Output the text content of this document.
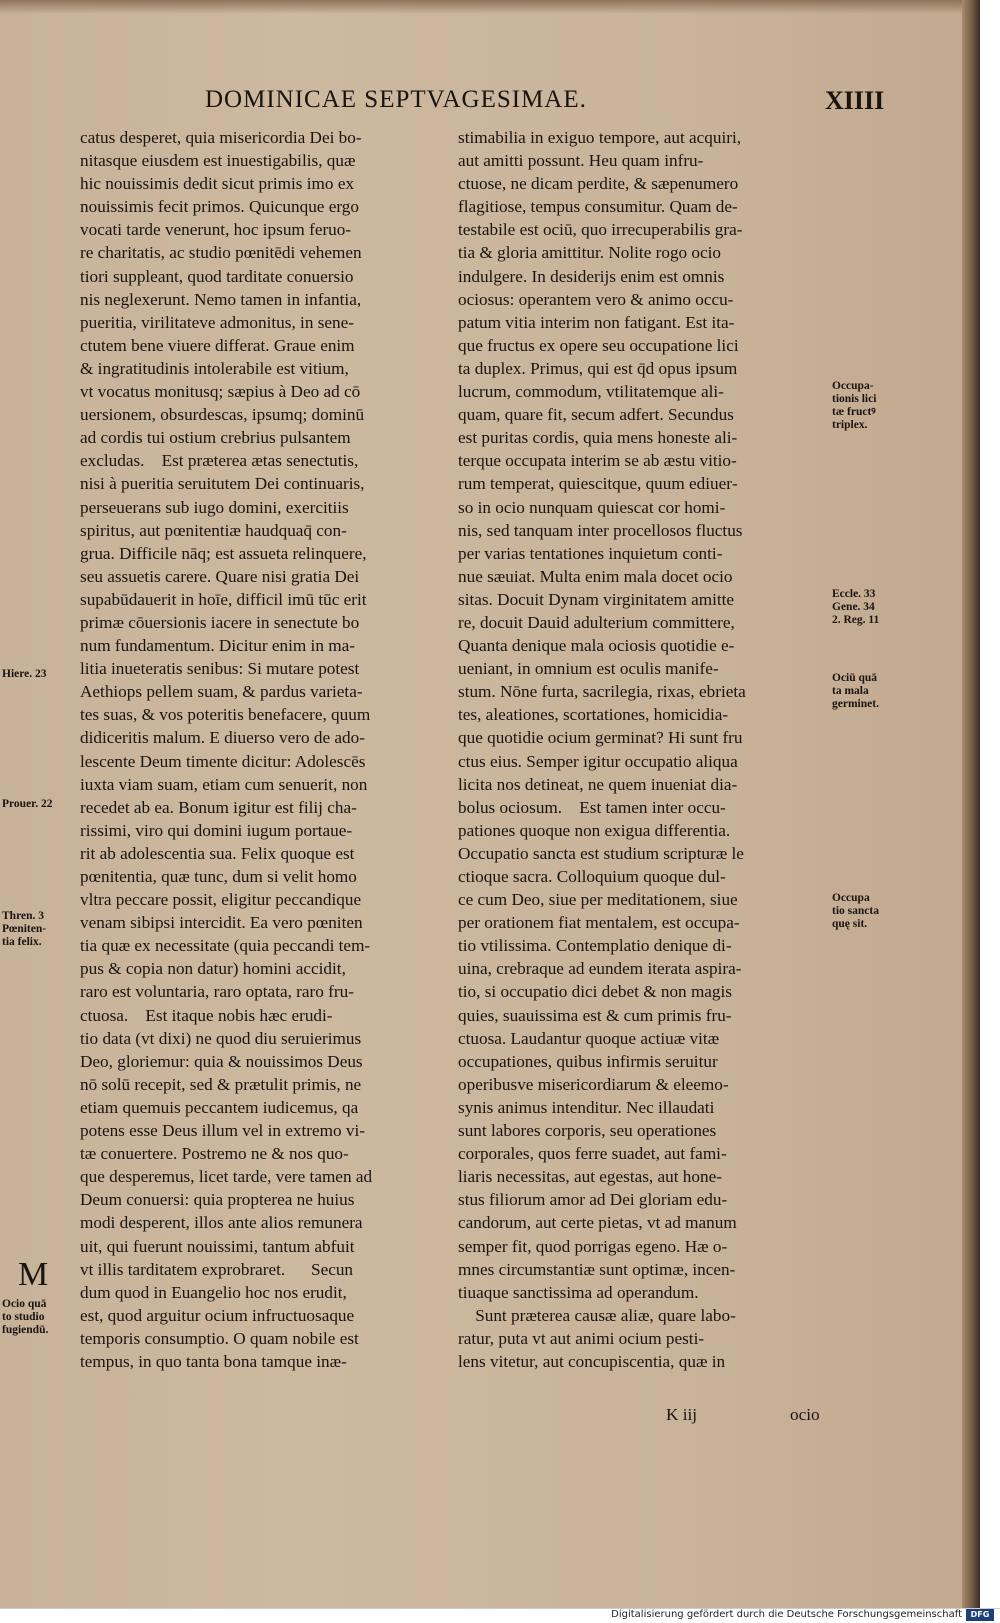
DOMINICAE SEPTVAGESIMAE.	XIIII
catus desperet, quia misericordia Dei bo‑
nitasque eiusdem est inuestigabilis, quæ
hic nouissimis dedit sicut primis imo ex
nouissimis fecit primos. Quicunque ergo
vocati tarde venerunt, hoc ipsum feruo‑
re charitatis, ac studio pœnitēdi vehemen
tiori suppleant, quod tarditate conuersio
nis neglexerunt. Nemo tamen in infantia,
pueritia, virilitateve admonitus, in sene‑
ctutem bene viuere differat. Graue enim
& ingratitudinis intolerabile est vitium,
vt vocatus monitusq; sæpius à Deo ad cō
uersionem, obsurdescas, ipsumq; dominū
ad cordis tui ostium crebrius pulsantem
excludas.    Est præterea ætas senectutis,
nisi à pueritia seruitutem Dei continuaris,
perseuerans sub iugo domini, exercitiis
spiritus, aut pœnitentiæ haudquaq̄ con‑
grua. Difficile nāq; est assueta relinquere,
seu assuetis carere. Quare nisi gratia Dei
supabūdauerit in hoīe, difficil imū tūc erit
primæ cōuersionis iacere in senectute bo
num fundamentum. Dicitur enim in ma‑
litia inueteratis senibus: Si mutare potest
Aethiops pellem suam, & pardus varieta‑
tes suas, & vos poteritis benefacere, quum
didiceritis malum. E diuerso vero de ado‑
lescente Deum timente dicitur: Adolescēs
iuxta viam suam, etiam cum senuerit, non
recedet ab ea. Bonum igitur est filij cha‑
rissimi, viro qui domini iugum portaue‑
rit ab adolescentia sua. Felix quoque est
pœnitentia, quæ tunc, dum si velit homo
vltra peccare possit, eligitur peccandique
venam sibipsi intercidit. Ea vero pœniten
tia quæ ex necessitate (quia peccandi tem‑
pus & copia non datur) homini accidit,
raro est voluntaria, raro optata, raro fru‑
ctuosa.    Est itaque nobis hæc erudi‑
tio data (vt dixi) ne quod diu seruierimus
Deo, gloriemur: quia & nouissimos Deus
nō solū recepit, sed & prætulit primis, ne
etiam quemuis peccantem iudicemus, qa
potens esse Deus illum vel in extremo vi‑
tæ conuertere. Postremo ne & nos quo‑
que desperemus, licet tarde, vere tamen ad
Deum conuersi: quia propterea ne huius
modi desperent, illos ante alios remunera
uit, qui fuerunt nouissimi, tantum abfuit
vt illis tarditatem exprobraret.      Secun
dum quod in Euangelio hoc nos erudit,
est, quod arguitur ocium infructuosaque
temporis consumptio. O quam nobile est
tempus, in quo tanta bona tamque inæ‑
stimabilia in exiguo tempore, aut acquiri,
aut amitti possunt. Heu quam infru‑
ctuose, ne dicam perdite, & sæpenumero
flagitiose, tempus consumitur. Quam de‑
testabile est ociū, quo irrecuperabilis gra‑
tia & gloria amittitur. Nolite rogo ocio
indulgere. In desiderijs enim est omnis
ociosus: operantem vero & animo occu‑
patum vitia interim non fatigant. Est ita‑
que fructus ex opere seu occupatione lici
ta duplex. Primus, qui est q̄d opus ipsum
lucrum, commodum, vtilitatemque ali‑
quam, quare fit, secum adfert. Secundus
est puritas cordis, quia mens honeste ali‑
terque occupata interim se ab æstu vitio‑
rum temperat, quiescitque, quum ediuer‑
so in ocio nunquam quiescat cor homi‑
nis, sed tanquam inter procellosos fluctus
per varias tentationes inquietum conti‑
nue sæuiat. Multa enim mala docet ocio
sitas. Docuit Dynam virginitatem amitte
re, docuit Dauid adulterium committere,
Quanta denique mala ociosis quotidie e‑
ueniant, in omnium est oculis manife‑
stum. Nōne furta, sacrilegia, rixas, ebrieta
tes, aleationes, scortationes, homicidia‑
que quotidie ocium germinat? Hi sunt fru
ctus eius. Semper igitur occupatio aliqua
licita nos detineat, ne quem inueniat dia‑
bolus ociosum.    Est tamen inter occu‑
pationes quoque non exigua differentia.
Occupatio sancta est studium scripturæ le
ctioque sacra. Colloquium quoque dul‑
ce cum Deo, siue per meditationem, siue
per orationem fiat mentalem, est occupa‑
tio vtilissima. Contemplatio denique di‑
uina, crebraque ad eundem iterata aspira‑
tio, si occupatio dici debet & non magis
quies, suauissima est & cum primis fru‑
ctuosa. Laudantur quoque actiuæ vitæ
occupationes, quibus infirmis seruitur
operibusve misericordiarum & eleemo‑
synis animus intenditur. Nec illaudati
sunt labores corporis, seu operationes
corporales, quos ferre suadet, aut fami‑
liaris necessitas, aut egestas, aut hone‑
stus filiorum amor ad Dei gloriam edu‑
candorum, aut certe pietas, vt ad manum
semper fit, quod porrigas egeno. Hæ o‑
mnes circumstantiæ sunt optimæ, incen‑
tiuaque sanctissima ad operandum.
Sunt præterea causæ aliæ, quare labo‑
ratur, puta vt aut animi ocium pesti‑
lens vitetur, aut concupiscentia, quæ in
Hiere. 23
Prouer. 22
Thren. 3
Pœniten‑
tia felix.
M
Ocio quā
to studio
fugiendū.
Occupa‑
tionis lici
tæ fructꝰ
triplex.
Eccle. 33
Gene. 34
2. Reg. 11
Ociū quā
ta mala
germinet.
Occupa
tio sancta
quę sit.
K iij	ocio
Digitalisierung gefördert durch die Deutsche Forschungsgemeinschaft	DFG
